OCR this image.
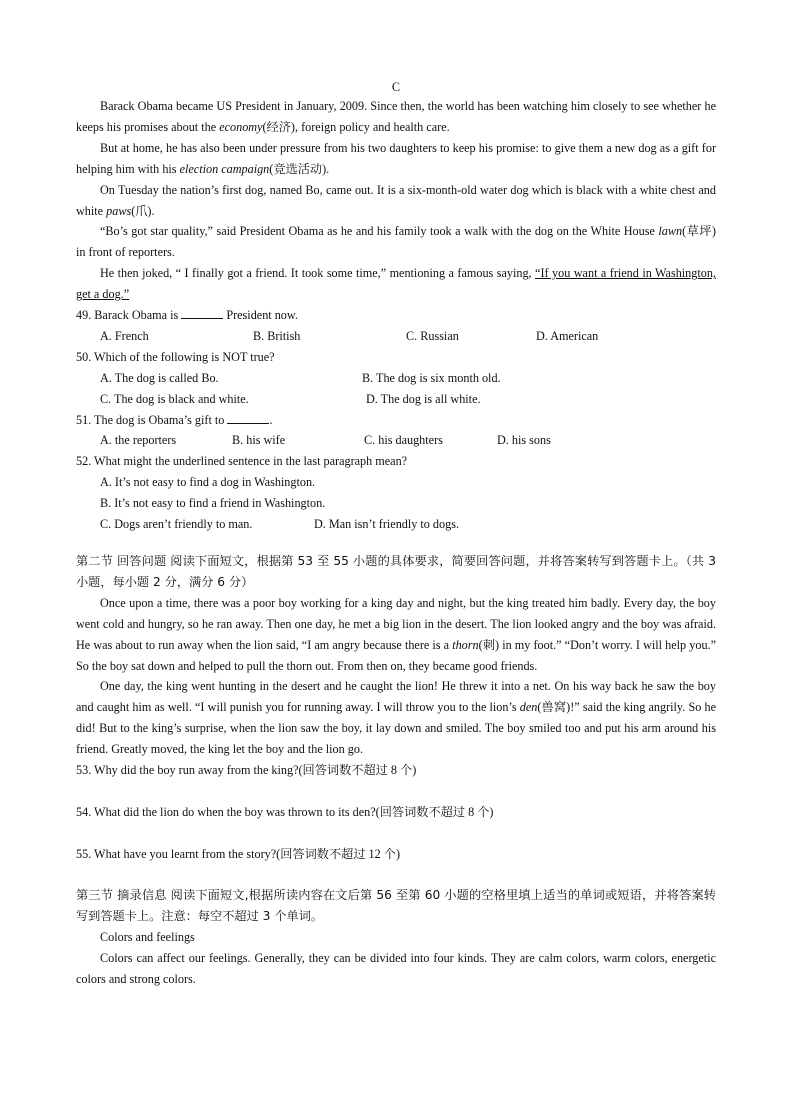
C

Barack Obama became US President in January, 2009. Since then, the world has been watching him closely to see whether he keeps his promises about the economy(经济), foreign policy and health care.

But at home, he has also been under pressure from his two daughters to keep his promise: to give them a new dog as a gift for helping him with his election campaign(竞选活动).

On Tuesday the nation’s first dog, named Bo, came out. It is a six-month-old water dog which is black with a white chest and white paws(爪).

“Bo’s got star quality,” said President Obama as he and his family took a walk with the dog on the White House lawn(草坪) in front of reporters.

He then joked, “ I finally got a friend. It took some time,” mentioning a famous saying, “If you want a friend in Washington, get a dog.”

49. Barack Obama is	President now.
A. French	B. British	C. Russian	D. American
50. Which of the following is NOT true?
A. The dog is called Bo.	B. The dog is six month old.
C. The dog is black and white.	D. The dog is all white.
51. The dog is Obama’s gift to	.
A. the reporters	B. his wife	C. his daughters	D. his sons
52. What might the underlined sentence in the last paragraph mean?
A. It’s not easy to find a dog in Washington.
B. It’s not easy to find a friend in Washington.
C. Dogs aren’t friendly to man.	D. Man isn’t friendly to dogs.

第二节 回答问题 阅读下面短文，根据第 53 至 55 小题的具体要求，简要回答问题，并将答案转写到答题卡上。（共 3 小题，每小题 2 分，满分 6 分）

Once upon a time, there was a poor boy working for a king day and night, but the king treated him badly. Every day, the boy went cold and hungry, so he ran away. Then one day, he met a big lion in the desert. The lion looked angry and the boy was afraid. He was about to run away when the lion said, “I am angry because there is a thorn(刺) in my foot.” “Don’t worry. I will help you.” So the boy sat down and helped to pull the thorn out. From then on, they became good friends.

One day, the king went hunting in the desert and he caught the lion! He threw it into a net. On his way back he saw the boy and caught him as well. “I will punish you for running away. I will throw you to the lion’s den(兽窝)!” said the king angrily. So he did! But to the king’s surprise, when the lion saw the boy, it lay down and smiled. The boy smiled too and put his arm around his friend. Greatly moved, the king let the boy and the lion go.

53. Why did the boy run away from the king?(回答词数不超过 8 个)
54. What did the lion do when the boy was thrown to its den?(回答词数不超过 8 个)
55. What have you learnt from the story?(回答词数不超过 12 个)

第三节 摘录信息 阅读下面短文,根据所读内容在文后第 56 至第 60 小题的空格里填上适当的单词或短语，并将答案转写到答题卡上。注意：每空不超过 3 个单词。

Colors and feelings

Colors can affect our feelings. Generally, they can be divided into four kinds. They are calm colors, warm colors, energetic colors and strong colors.
